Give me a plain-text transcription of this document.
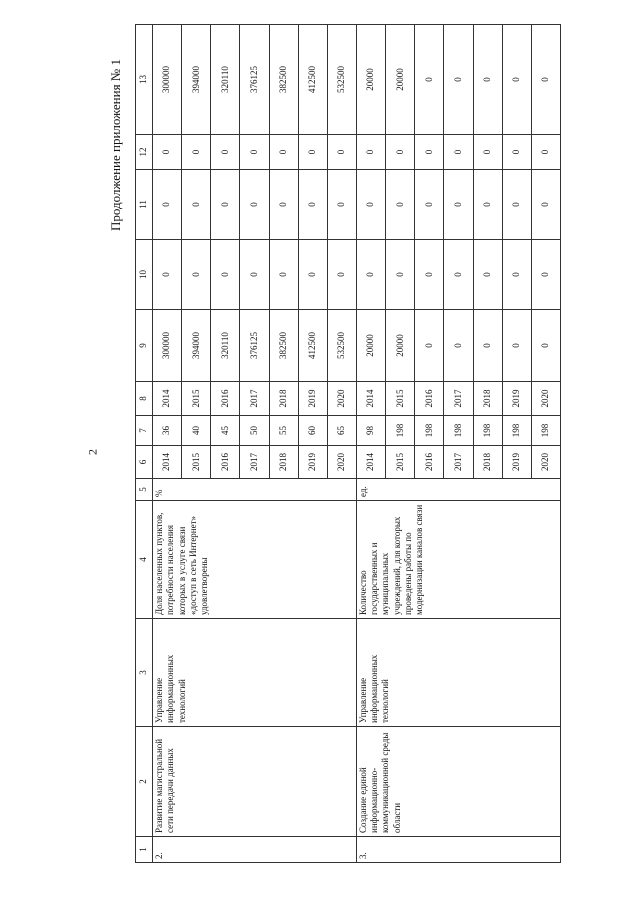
2
Продолжение приложения № 1
1	2	3	4	5	6	7	8	9	10	11	12	13
2.	Развитие магистральной сети передачи данных	Управление информационных технологий	Доля населенных пунктов, потребности населения которых в услуге связи «доступ в сеть Интернет» удовлетворены	%	2014	36	2014	300000	0	0	0	300000
					2015	40	2015	394000	0	0	0	394000
					2016	45	2016	320110	0	0	0	320110
					2017	50	2017	376125	0	0	0	376125
					2018	55	2018	382500	0	0	0	382500
					2019	60	2019	412500	0	0	0	412500
					2020	65	2020	532500	0	0	0	532500
3.	Создание единой информационно-коммуникационной среды области	Управление информационных технологий	Количество государственных и муниципальных учреждений, для которых проведены работы по модернизации каналов связи	ед.	2014	98	2014	20000	0	0	0	20000
					2015	198	2015	20000	0	0	0	20000
					2016	198	2016	0	0	0	0	0
					2017	198	2017	0	0	0	0	0
					2018	198	2018	0	0	0	0	0
					2019	198	2019	0	0	0	0	0
					2020	198	2020	0	0	0	0	0
